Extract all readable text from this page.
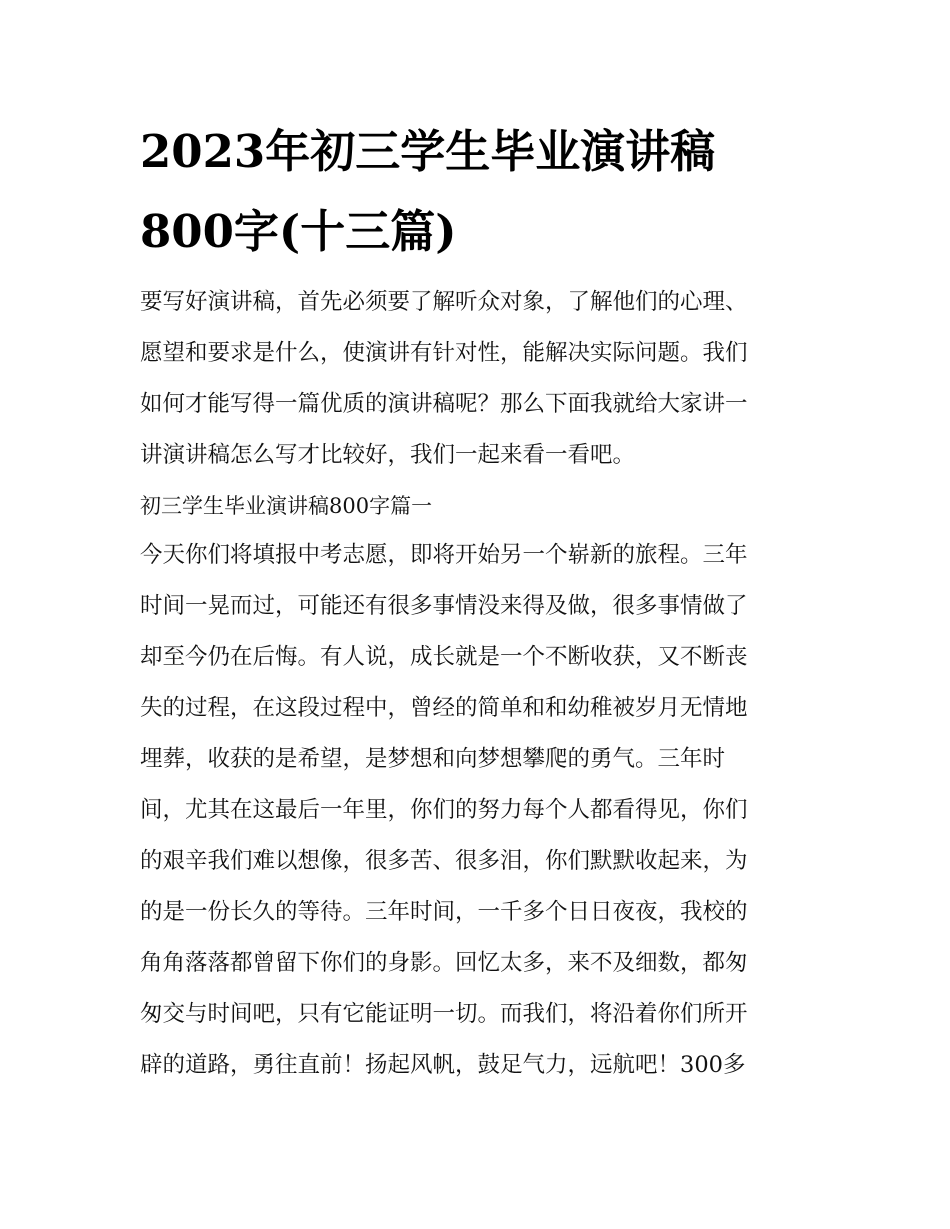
2023年初三学生毕业演讲稿
800字(十三篇)

要写好演讲稿，首先必须要了解听众对象，了解他们的心理、

愿望和要求是什么，使演讲有针对性，能解决实际问题。我们

如何才能写得一篇优质的演讲稿呢？那么下面我就给大家讲一

讲演讲稿怎么写才比较好，我们一起来看一看吧。

初三学生毕业演讲稿800字篇一

今天你们将填报中考志愿，即将开始另一个崭新的旅程。三年

时间一晃而过，可能还有很多事情没来得及做，很多事情做了

却至今仍在后悔。有人说，成长就是一个不断收获，又不断丧

失的过程，在这段过程中，曾经的简单和和幼稚被岁月无情地

埋葬，收获的是希望，是梦想和向梦想攀爬的勇气。三年时

间，尤其在这最后一年里，你们的努力每个人都看得见，你们

的艰辛我们难以想像，很多苦、很多泪，你们默默收起来，为

的是一份长久的等待。三年时间，一千多个日日夜夜，我校的

角角落落都曾留下你们的身影。回忆太多，来不及细数，都匆

匆交与时间吧，只有它能证明一切。而我们，将沿着你们所开

辟的道路，勇往直前！扬起风帆，鼓足气力，远航吧！300多
